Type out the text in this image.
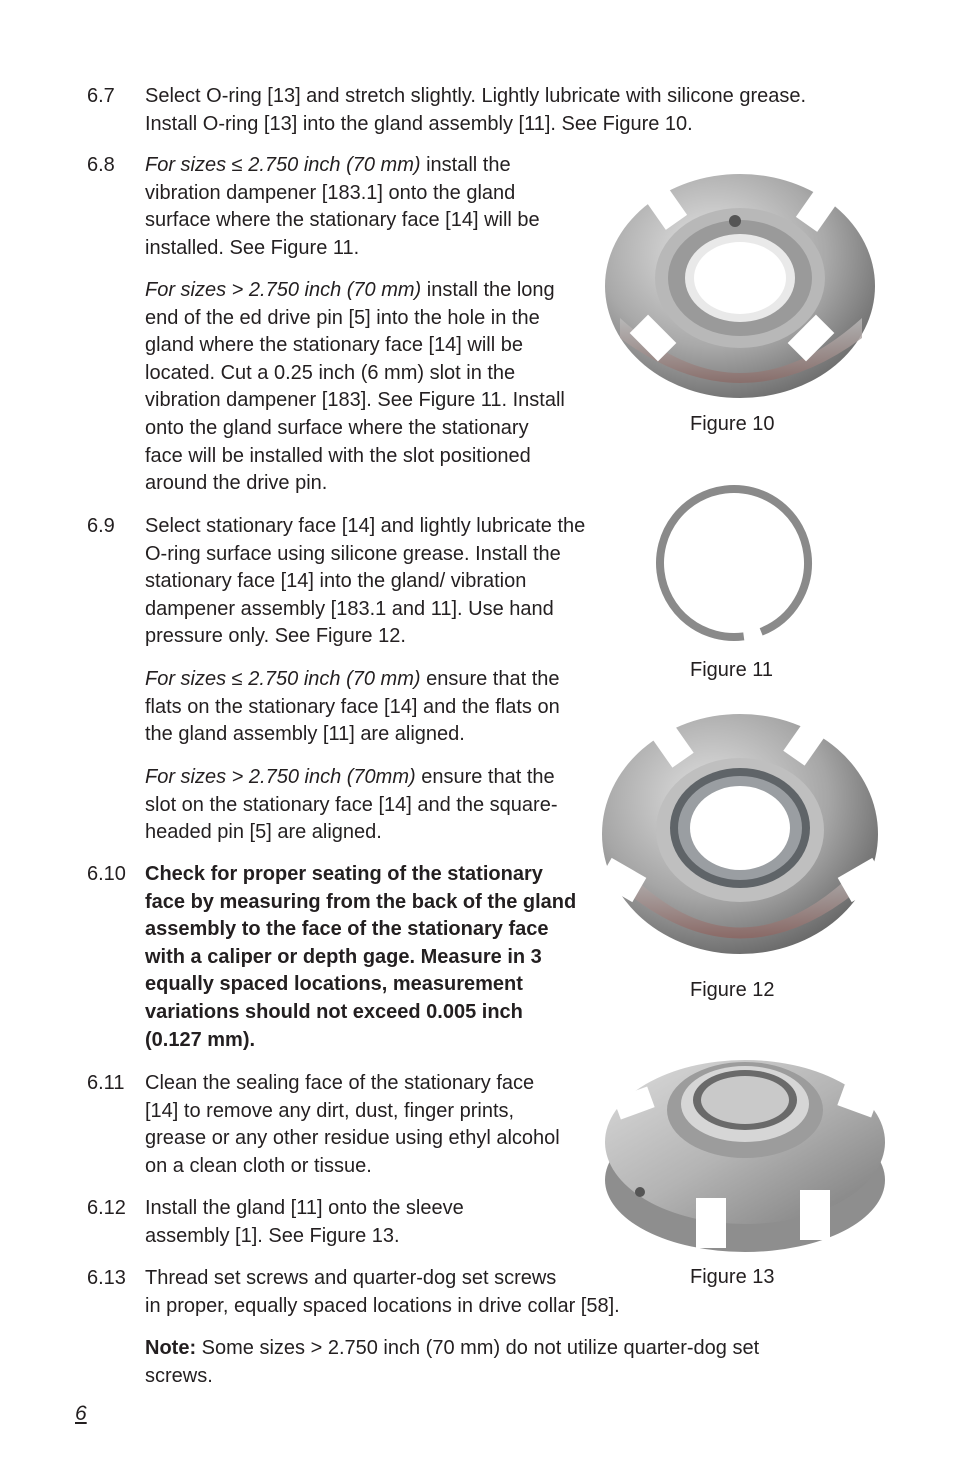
6.7	Select O-ring [13] and stretch slightly. Lightly lubricate with silicone grease.

Install O-ring [13] into the gland assembly [11]. See Figure 10.

6.8	For sizes ≤ 2.750 inch (70 mm) install the vibration dampener [183.1] onto the gland surface where the stationary face [14] will be installed. See Figure 11.

For sizes > 2.750 inch (70 mm) install the long end of the ed drive pin [5] into the hole in the gland where the stationary face [14] will be located. Cut a 0.25 inch (6 mm) slot in the vibration dampener [183]. See Figure 11. Install onto the gland surface where the stationary face will be installed with the slot positioned around the drive pin.

6.9	Select stationary face [14] and lightly lubricate the O-ring surface using silicone grease. Install the stationary face [14] into the gland/ vibration dampener assembly [183.1 and 11]. Use hand pressure only. See Figure 12.

For sizes ≤ 2.750 inch (70 mm) ensure that the flats on the stationary face [14] and the flats on the gland assembly [11] are aligned.

For sizes > 2.750 inch (70mm) ensure that the slot on the stationary face [14] and the square-headed pin [5] are aligned.

6.10 Check for proper seating of the stationary face by measuring from the back of the gland assembly to the face of the stationary face with a caliper or depth gage. Measure in 3 equally spaced locations, measurement variations should not exceed 0.005 inch (0.127 mm).

6.11	Clean the sealing face of the stationary face [14] to remove any dirt, dust, finger prints, grease or any other residue using ethyl alcohol on a clean cloth or tissue.

6.12 Install the gland [11] onto the sleeve assembly [1]. See Figure 13.

6.13 Thread set screws and quarter-dog set screws

in proper, equally spaced locations in drive collar [58].

Note: Some sizes > 2.750 inch (70 mm) do not utilize quarter-dog set screws.

Figure 10
Figure 11
Figure 12
Figure 13
6
